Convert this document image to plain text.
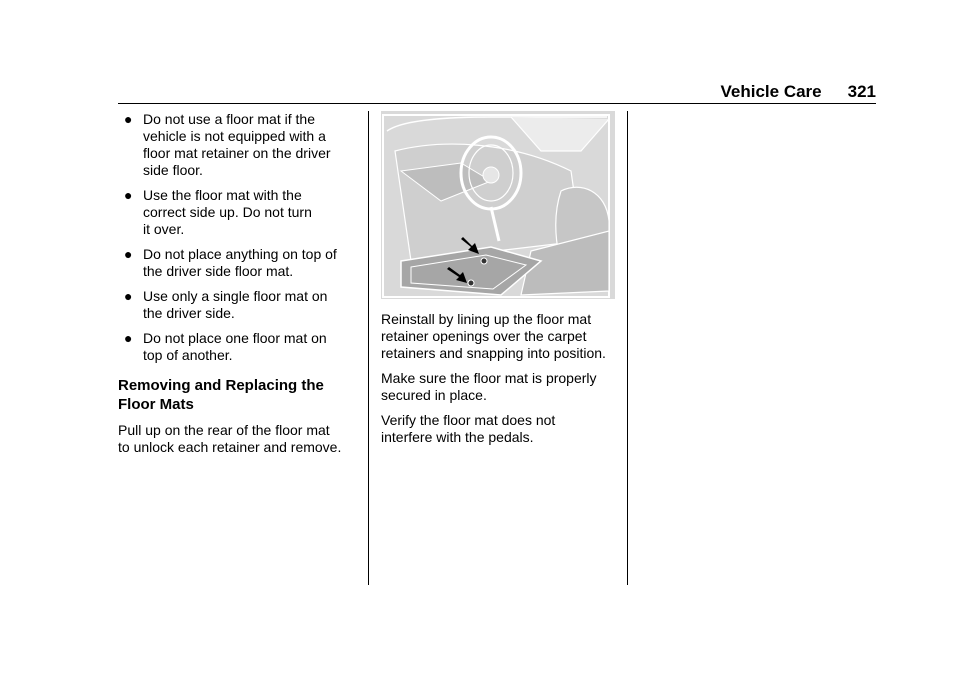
Vehicle Care 321
● Do not use a floor mat if the
vehicle is not equipped with a
floor mat retainer on the driver
side floor.
● Use the floor mat with the
correct side up. Do not turn
it over.
● Do not place anything on top of
the driver side floor mat.
● Use only a single floor mat on
the driver side.
● Do not place one floor mat on
top of another.
Removing and Replacing the
Floor Mats

Pull up on the rear of the floor mat
to unlock each retainer and remove.

Reinstall by lining up the floor mat
retainer openings over the carpet
retainers and snapping into position.

Make sure the floor mat is properly
secured in place.

Verify the floor mat does not
interfere with the pedals.
